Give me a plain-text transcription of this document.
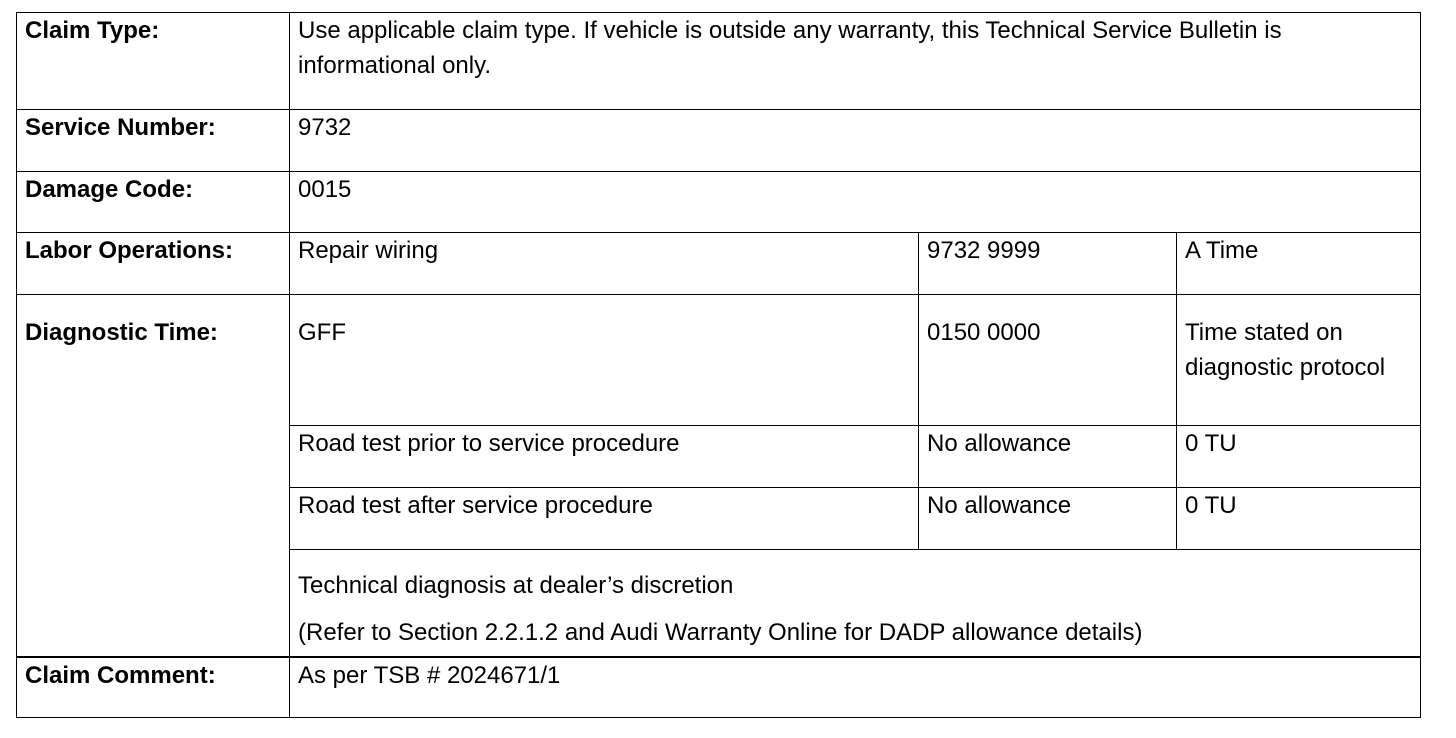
Claim Type:	Use applicable claim type. If vehicle is outside any warranty, this Technical Service Bulletin is informational only.		
Service Number:	9732		
Damage Code:	0015		
Labor Operations:	Repair wiring	9732 9999	A Time
Diagnostic Time:	GFF	0150 0000	Time stated on diagnostic protocol
	Road test prior to service procedure	No allowance	0 TU
	Road test after service procedure	No allowance	0 TU

	Technical diagnosis at dealer’s discretion
(Refer to Section 2.2.1.2 and Audi Warranty Online for DADP allowance details)		

Claim Comment:	As per TSB # 2024671/1		
